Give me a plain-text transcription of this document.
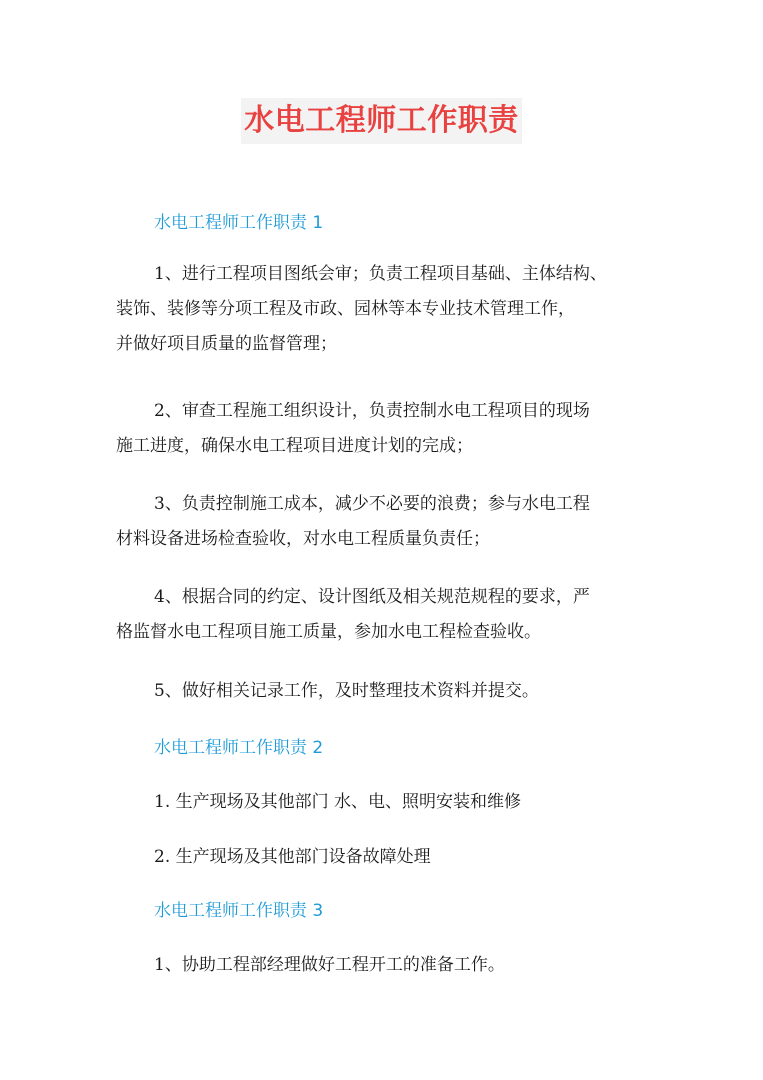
水电工程师工作职责
水电工程师工作职责 1
1、进行工程项目图纸会审；负责工程项目基础、主体结构、
装饰、装修等分项工程及市政、园林等本专业技术管理工作，
并做好项目质量的监督管理；
2、审查工程施工组织设计，负责控制水电工程项目的现场
施工进度，确保水电工程项目进度计划的完成；
3、负责控制施工成本，减少不必要的浪费；参与水电工程
材料设备进场检查验收，对水电工程质量负责任；
4、根据合同的约定、设计图纸及相关规范规程的要求，严
格监督水电工程项目施工质量，参加水电工程检查验收。
5、做好相关记录工作，及时整理技术资料并提交。
水电工程师工作职责 2
1. 生产现场及其他部门 水、电、照明安装和维修
2. 生产现场及其他部门设备故障处理
水电工程师工作职责 3
1、协助工程部经理做好工程开工的准备工作。
